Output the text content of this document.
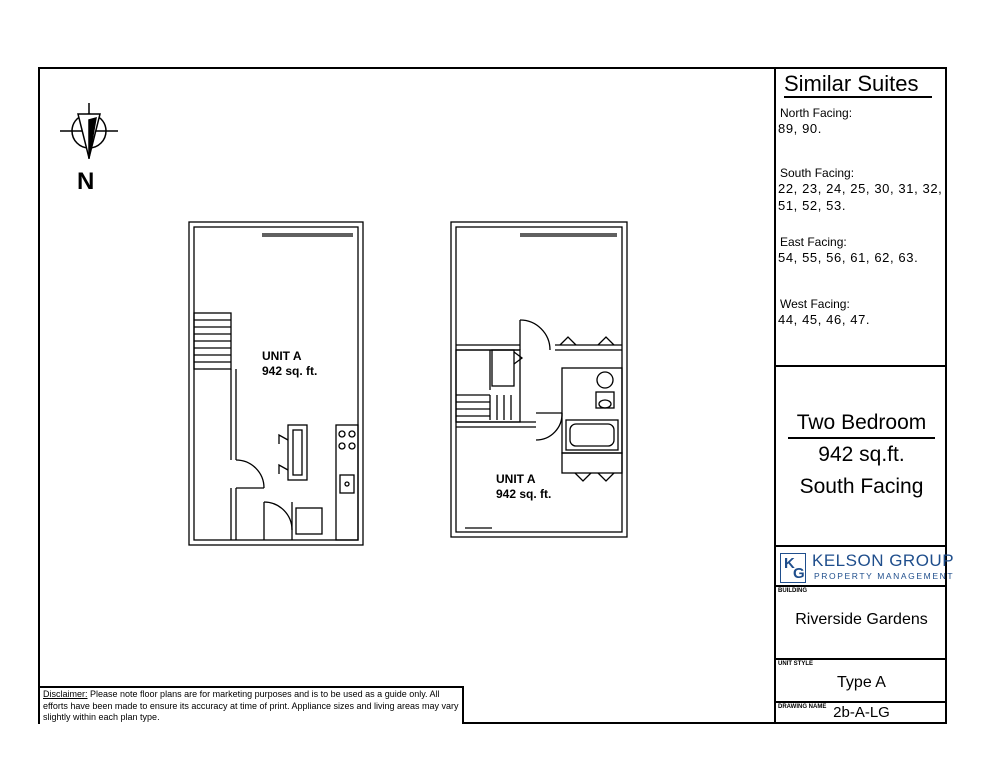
N
UNIT A
942 sq. ft.
UNIT A
942 sq. ft.
Similar Suites
North Facing:
89, 90.
South Facing:
22, 23, 24, 25, 30, 31, 32, 51, 52, 53.
East Facing:
54, 55, 56, 61, 62, 63.
West Facing:
44, 45, 46, 47.
Two Bedroom
942 sq.ft.
South Facing
K
G
KELSON GROUP
PROPERTY MANAGEMENT
BUILDING
Riverside Gardens
UNIT STYLE
Type A
DRAWING NAME 2b-A-LG
Disclaimer: Please note floor plans are for marketing purposes and is to be used as a guide only. All efforts have been made to ensure its accuracy at time of print. Appliance sizes and living areas may vary slightly within each plan type.
